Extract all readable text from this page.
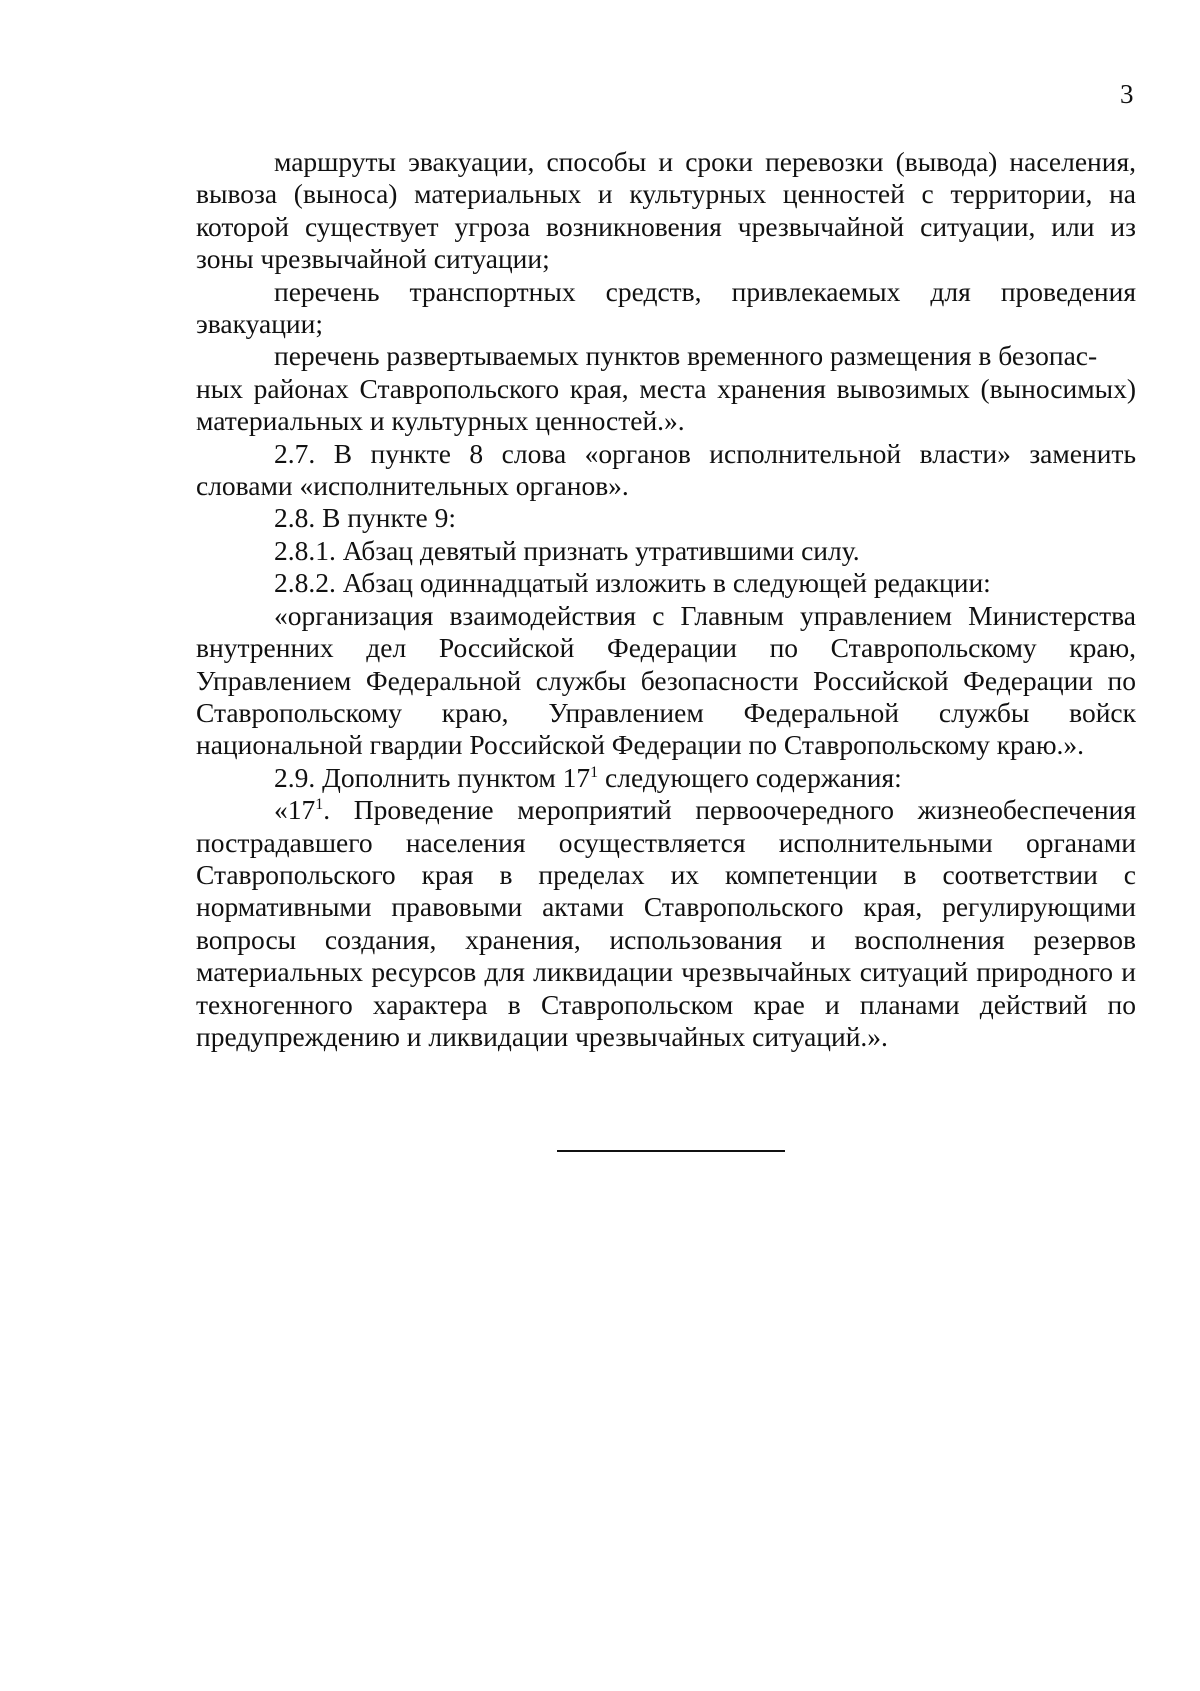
3

маршруты эвакуации, способы и сроки перевозки (вывода) населения, вывоза (выноса) материальных и культурных ценностей с территории, на которой существует угроза возникновения чрезвычайной ситуации, или из зоны чрезвычайной ситуации;

перечень транспортных средств, привлекаемых для проведения эвакуации;

перечень развертываемых пунктов временного размещения в безопас-
ных районах Ставропольского края, места хранения вывозимых (выносимых) материальных и культурных ценностей.».

2.7. В пункте 8 слова «органов исполнительной власти» заменить словами «исполнительных органов».

2.8. В пункте 9:

2.8.1. Абзац девятый признать утратившими силу.

2.8.2. Абзац одиннадцатый изложить в следующей редакции:

«организация взаимодействия с Главным управлением Министерства внутренних дел Российской Федерации по Ставропольскому краю, Управлением Федеральной службы безопасности Российской Федерации по Ставропольскому краю, Управлением Федеральной службы войск национальной гвардии Российской Федерации по Ставропольскому краю.».

2.9. Дополнить пунктом $17^1$ следующего содержания:

«$17^1$. Проведение мероприятий первоочередного жизнеобеспечения пострадавшего населения осуществляется исполнительными органами Ставропольского края в пределах их компетенции в соответствии с нормативными правовыми актами Ставропольского края, регулирующими вопросы создания, хранения, использования и восполнения резервов материальных ресурсов для ликвидации чрезвычайных ситуаций природного и техногенного характера в Ставропольском крае и планами действий по предупреждению и ликвидации чрезвычайных ситуаций.».
